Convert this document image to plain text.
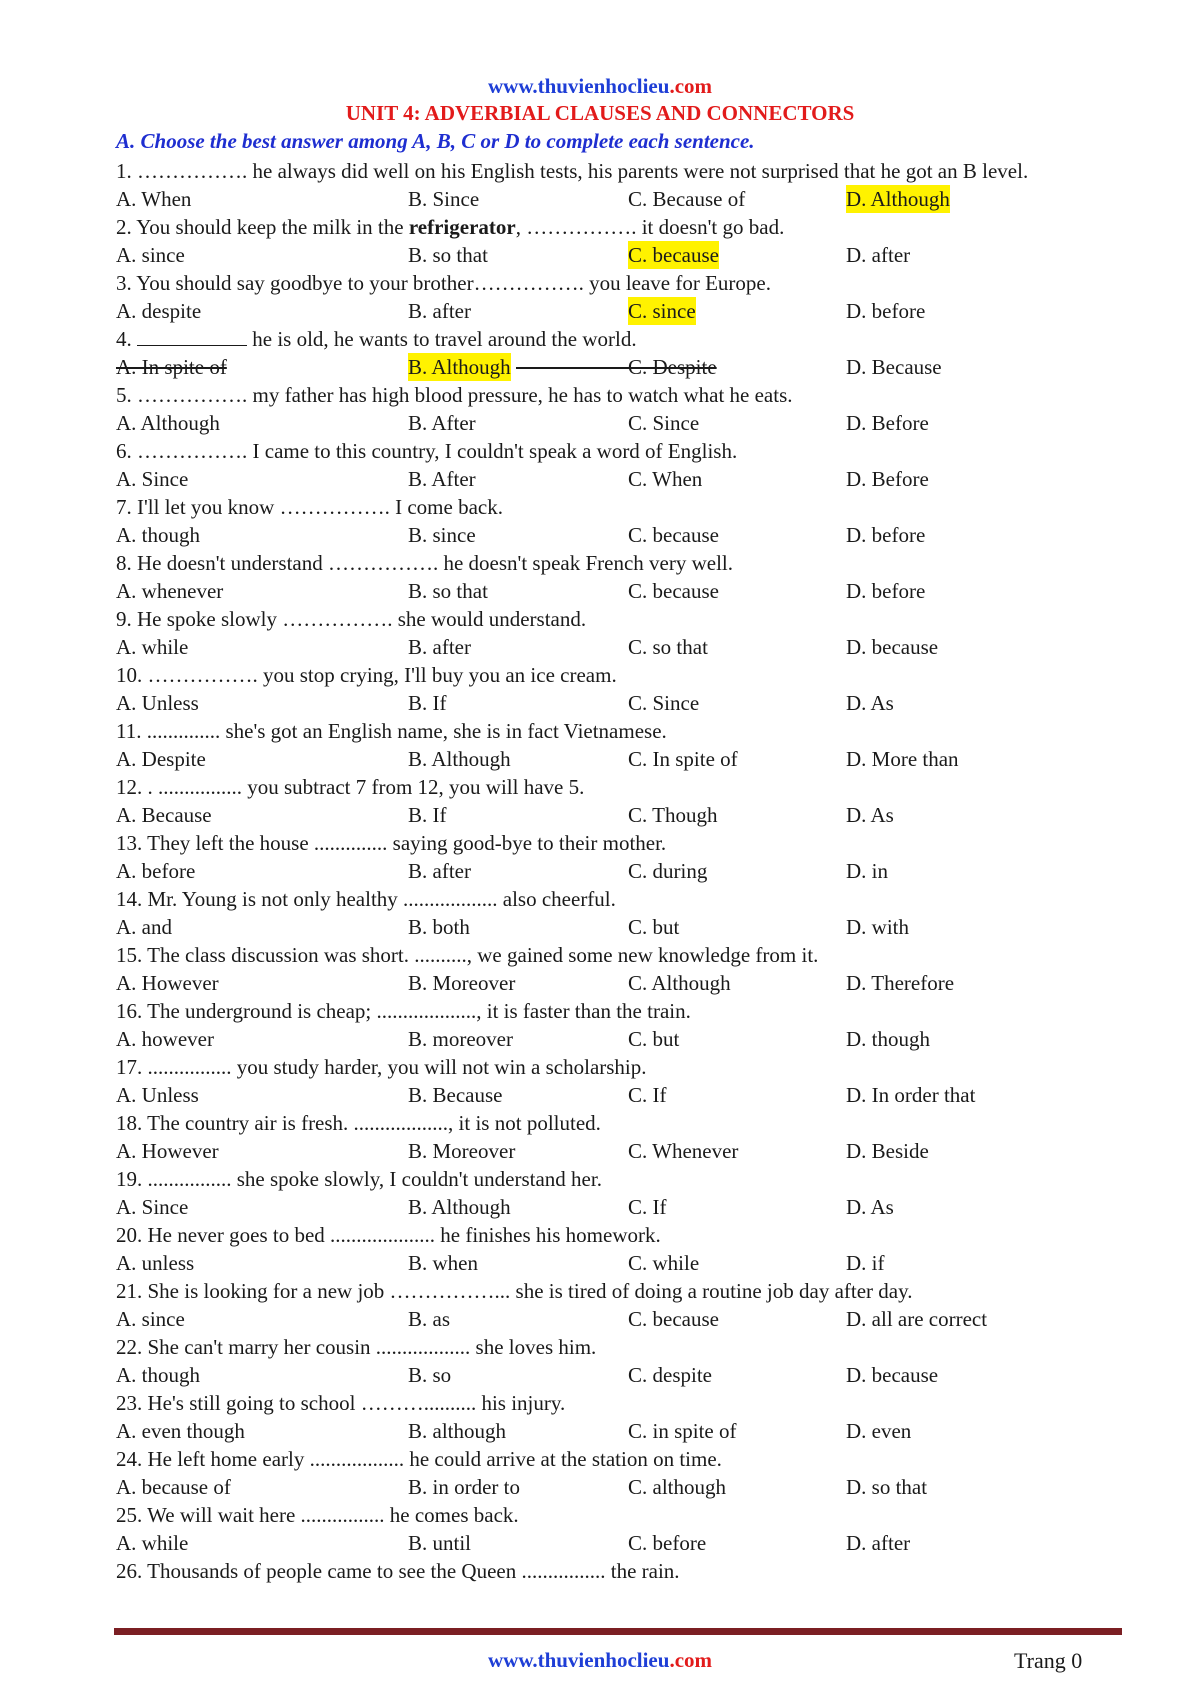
www.thuvienhoclieu.com
UNIT 4: ADVERBIAL CLAUSES AND CONNECTORS
A. Choose the best answer among A, B, C or D to complete each sentence.
1. ……………. he always did well on his English tests, his parents were not surprised that he got an B level.
A. When	B. Since	C. Because of	D. Although
2. You should keep the milk in the refrigerator, ……………. it doesn't go bad.
A. since	B. so that	C. because	D. after
3. You should say goodbye to your brother……………. you leave for Europe.
A. despite	B. after	C. since	D. before
4.	he is old, he wants to travel around the world.
A. In spite of	B. Although	C. Despite	D. Because
5. ……………. my father has high blood pressure, he has to watch what he eats.
A. Although	B. After	C. Since	D. Before
6. ……………. I came to this country, I couldn't speak a word of English.
A. Since	B. After	C. When	D. Before
7. I'll let you know ……………. I come back.
A. though	B. since	C. because	D. before
8. He doesn't understand ……………. he doesn't speak French very well.
A. whenever	B. so that	C. because	D. before
9. He spoke slowly ……………. she would understand.
A. while	B. after	C. so that	D. because
10. ……………. you stop crying, I'll buy you an ice cream.
A. Unless	B. If	C. Since	D. As
11. .............. she's got an English name, she is in fact Vietnamese.
A. Despite	B. Although	C. In spite of	D. More than
12. . ................ you subtract 7 from 12, you will have 5.
A. Because	B. If	C. Though	D. As
13. They left the house .............. saying good-bye to their mother.
A. before	B. after	C. during	D. in
14. Mr. Young is not only healthy .................. also cheerful.
A. and	B. both	C. but	D. with
15. The class discussion was short. .........., we gained some new knowledge from it.
A. However	B. Moreover	C. Although	D. Therefore
16. The underground is cheap; ..................., it is faster than the train.
A. however	B. moreover	C. but	D. though
17. ................ you study harder, you will not win a scholarship.
A. Unless	B. Because	C. If	D. In order that
18. The country air is fresh. .................., it is not polluted.
A. However	B. Moreover	C. Whenever	D. Beside
19. ................ she spoke slowly, I couldn't understand her.
A. Since	B. Although	C. If	D. As
20. He never goes to bed .................... he finishes his homework.
A. unless	B. when	C. while	D. if
21. She is looking for a new job ……………... she is tired of doing a routine job day after day.
A. since	B. as	C. because	D. all are correct
22. She can't marry her cousin .................. she loves him.
A. though	B. so	C. despite	D. because
23. He's still going to school ……….......... his injury.
A. even though	B. although	C. in spite of	D. even
24. He left home early .................. he could arrive at the station on time.
A. because of	B. in order to	C. although	D. so that
25. We will wait here ................ he comes back.
A. while	B. until	C. before	D. after
26. Thousands of people came to see the Queen ................ the rain.
www.thuvienhoclieu.com	Trang 0
